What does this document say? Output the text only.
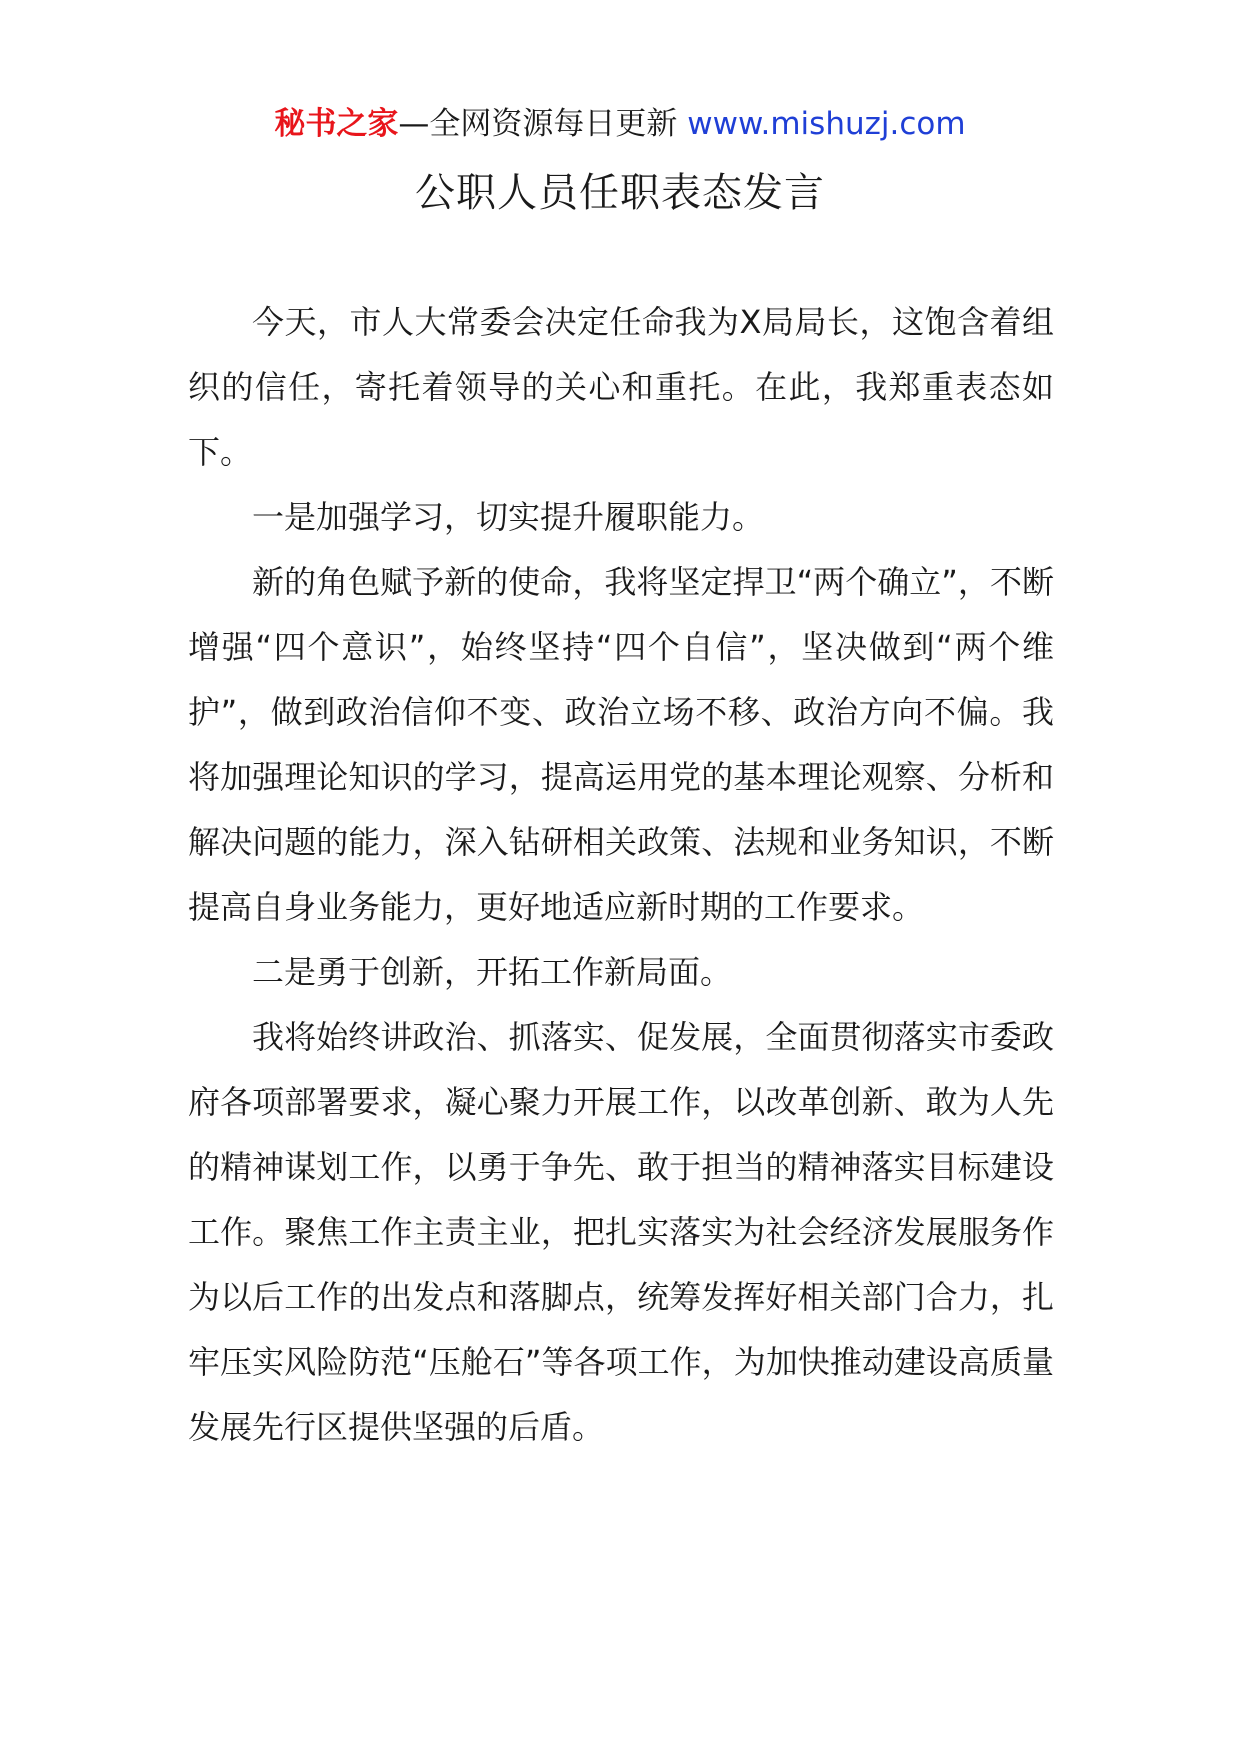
秘书之家—全网资源每日更新 www.mishuzj.com
公职人员任职表态发言

今天，市人大常委会决定任命我为X局局长，这饱含着组织的信任，寄托着领导的关心和重托。在此，我郑重表态如下。

一是加强学习，切实提升履职能力。

新的角色赋予新的使命，我将坚定捍卫“两个确立”，不断增强“四个意识”，始终坚持“四个自信”，坚决做到“两个维护”，做到政治信仰不变、政治立场不移、政治方向不偏。我将加强理论知识的学习，提高运用党的基本理论观察、分析和解决问题的能力，深入钻研相关政策、法规和业务知识，不断提高自身业务能力，更好地适应新时期的工作要求。

二是勇于创新，开拓工作新局面。

我将始终讲政治、抓落实、促发展，全面贯彻落实市委政府各项部署要求，凝心聚力开展工作，以改革创新、敢为人先的精神谋划工作，以勇于争先、敢于担当的精神落实目标建设工作。聚焦工作主责主业，把扎实落实为社会经济发展服务作为以后工作的出发点和落脚点，统筹发挥好相关部门合力，扎牢压实风险防范“压舱石”等各项工作，为加快推动建设高质量发展先行区提供坚强的后盾。
